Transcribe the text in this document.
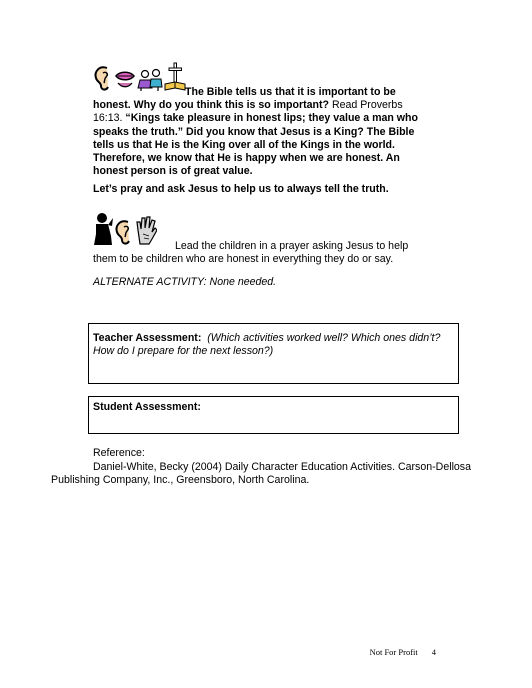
The Bible tells us that it is important to be
honest. Why do you think this is so important? Read Proverbs 16:13. “Kings take pleasure in honest lips; they value a man who speaks the truth.” Did you know that Jesus is a King? The Bible tells us that He is the King over all of the Kings in the world. Therefore, we know that He is happy when we are honest. An honest person is of great value.
Let’s pray and ask Jesus to help us to always tell the truth.
Lead the children in a prayer asking Jesus to help
them to be children who are honest in everything they do or say.
ALTERNATE ACTIVITY: None needed.
Teacher Assessment: (Which activities worked well? Which ones didn’t? How do I prepare for the next lesson?)
Student Assessment:
Reference:
Daniel-White, Becky (2004) Daily Character Education Activities. Carson-Dellosa Publishing Company, Inc., Greensboro, North Carolina.
Not For Profit 4
